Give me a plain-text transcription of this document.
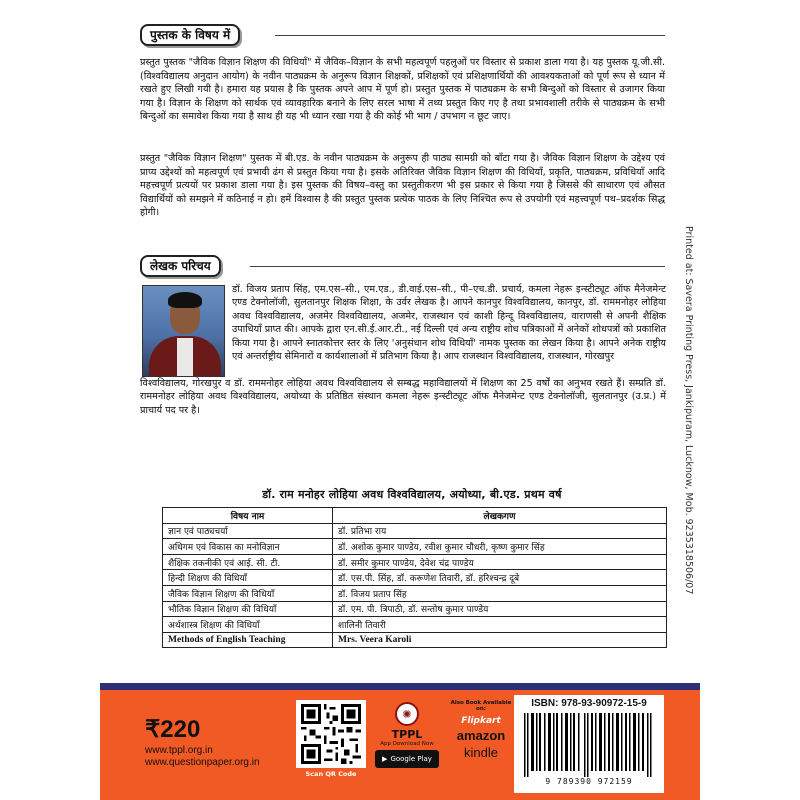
पुस्तक के विषय में

प्रस्तुत पुस्तक "जैविक विज्ञान शिक्षण की विधियाँ" में जैविक–विज्ञान के सभी महत्वपूर्ण पहलुओं पर विस्तार से प्रकाश डाला गया है। यह पुस्तक यू.जी.सी. (विश्वविद्यालय अनुदान आयोग) के नवीन पाठ्यक्रम के अनुरूप विज्ञान शिक्षकों, प्रशिक्षकों एवं प्रशिक्षणार्थियों की आवश्यकताओं को पूर्ण रूप से ध्यान में रखते हुए लिखी गयी है। हमारा यह प्रयास है कि पुस्तक अपने आप में पूर्ण हो। प्रस्तुत पुस्तक में पाठ्यक्रम के सभी बिन्दुओं को विस्तार से उजागर किया गया है। विज्ञान के शिक्षण को सार्थक एवं व्यावहारिक बनाने के लिए सरल भाषा में तथ्य प्रस्तुत किए गए है तथा प्रभावशाली तरीके से पाठ्यक्रम के सभी बिन्दुओं का समावेश किया गया है साथ ही यह भी ध्यान रखा गया है की कोई भी भाग / उपभाग न छूट जाए।

प्रस्तुत "जैविक विज्ञान शिक्षण" पुस्तक में बी.एड. के नवीन पाठ्यक्रम के अनुरूप ही पाठ्य सामग्री को बाँटा गया है। जैविक विज्ञान शिक्षण के उद्देश्य एवं प्राप्य उद्देश्यों को महत्वपूर्ण एवं प्रभावी ढंग से प्रस्तुत किया गया है। इसके अतिरिक्त जैविक विज्ञान शिक्षण की विधियाँ, प्रकृति, पाठ्यक्रम, प्रविधियाँ आदि महत्त्वपूर्ण प्रत्ययों पर प्रकाश डाला गया है। इस पुस्तक की विषय–वस्तु का प्रस्तुतीकरण भी इस प्रकार से किया गया है जिससे की साधारण एवं औसत विद्यार्थियों को समझने में कठिनाई न हो। हमें विश्वास है की प्रस्तुत पुस्तक प्रत्येक पाठक के लिए निश्चित रूप से उपयोगी एवं महत्त्वपूर्ण पथ–प्रदर्शक सिद्ध होगी।

लेखक परिचय

डॉ. विजय प्रताप सिंह, एम.एस–सी., एम.एड., डी.वाई.एस–सी., पी–एच.डी. प्रचार्य, कमला नेहरू इन्स्टीट्यूट ऑफ मैनेजमेन्ट एण्ड टेक्नोलॉजी, सुलतानपुर शिक्षक शिक्षा, के उर्वर लेखक है। आपने कानपुर विश्वविद्यालय, कानपुर, डॉ. राममनोहर लोहिया अवध विश्वविद्यालय, अजमेर विश्वविद्यालय, अजमेर, राजस्थान एवं काशी हिन्दू विश्वविद्यालय, वाराणसी से अपनी शैक्षिक उपाधियाँ प्राप्त की। आपके द्वारा एन.सी.ई.आर.टी., नई दिल्ली एवं अन्य राष्ट्रीय शोध पत्रिकाओं में अनेकों शोधपत्रों को प्रकाशित किया गया है। आपने स्नातकोत्तर स्तर के लिए 'अनुसंधान शोध विधियाँ' नामक पुस्तक का लेखन किया है। आपने अनेक राष्ट्रीय एवं अन्तर्राष्ट्रीय सेमिनारों व कार्यशालाओं में प्रतिभाग किया है। आप राजस्थान विश्वविद्यालय, राजस्थान, गोरखपुर

विश्वविद्यालय, गोरखपुर व डॉ. राममनोहर लोहिया अवध विश्वविद्यालय से सम्बद्ध महाविद्यालयों में शिक्षण का 25 वर्षों का अनुभव रखते हैं। सम्प्रति डॉ. राममनोहर लोहिया अवध विश्वविद्यालय, अयोध्या के प्रतिष्ठित संस्थान कमला नेहरू इन्स्टीट्यूट ऑफ मैनेजमेन्ट एण्ड टेक्नोलॉजी, सुलतानपुर (उ.प्र.) में प्राचार्य पद पर है।	Printed at: Savera Printing Press, Jankipuram, Lucknow, Mob. 9235318506/07
डॉ. राम मनोहर लोहिया अवध विश्वविद्यालय, अयोध्या, बी.एड. प्रथम वर्ष
विषय नाम	लेखकगण
ज्ञान एवं पाठ्यचर्या	डॉ. प्रतिभा राय
अधिगम एवं विकास का मनोविज्ञान	डॉ. अशोक कुमार पाण्डेय, रवीश कुमार चौधरी, कृष्ण कुमार सिंह
शैक्षिक तकनीकी एवं आई. सी. टी.	डॉ. समीर कुमार पाण्डेय, देवेश चंद्र पाण्डेय
हिन्दी शिक्षण की विधियाँ	डॉ. एस.पी. सिंह, डॉ. करूणेश तिवारी, डॉ. हरिश्चन्द्र दूबे
जैविक विज्ञान शिक्षण की विधियाँ	डॉ. विजय प्रताप सिंह
भौतिक विज्ञान शिक्षण की विधियाँ	डॉ. एम. पी. त्रिपाठी, डॉ. सन्तोष कुमार पाण्डेय
अर्थशास्त्र शिक्षण की विधियाँ	शालिनी तिवारी
Methods of English Teaching	Mrs. Veera Karoli
₹220
www.tppl.org.in
www.questionpaper.org.in
Scan QR Code
✺
TPPL
App Download Now
▶ Google Play
Also Book Available on:
Flipkart
amazon
kindle
ISBN: 978-93-90972-15-9
9 789390 972159
